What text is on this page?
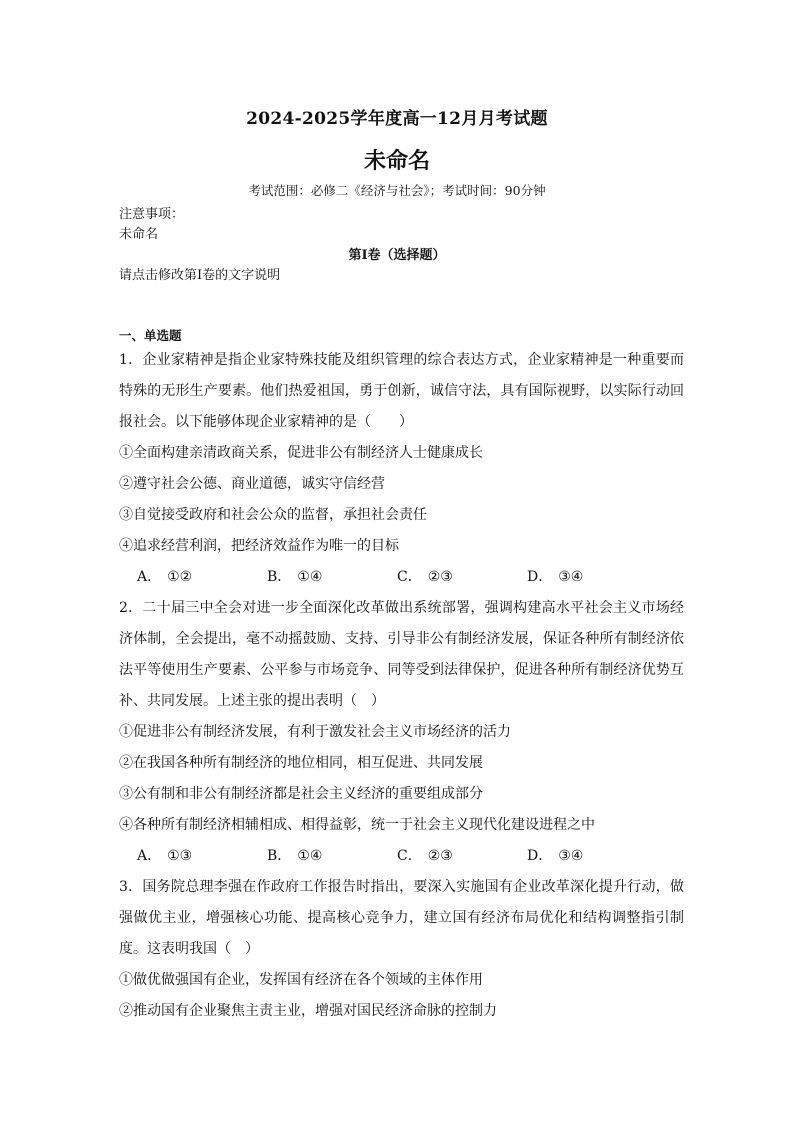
2024-2025学年度高一12月月考试题
未命名
考试范围：必修二《经济与社会》；考试时间：90分钟
注意事项：
未命名
第I卷（选择题）
请点击修改第I卷的文字说明
一、单选题

1．企业家精神是指企业家特殊技能及组织管理的综合表达方式，企业家精神是一种重要而特殊的无形生产要素。他们热爱祖国，勇于创新，诚信守法，具有国际视野，以实际行动回报社会。以下能够体现企业家精神的是（　　）

①全面构建亲清政商关系，促进非公有制经济人士健康成长

②遵守社会公德、商业道德，诚实守信经营

③自觉接受政府和社会公众的监督，承担社会责任

④追求经营利润，把经济效益作为唯一的目标

A． ①②	B． ①④	C． ②③	D． ③④

2．二十届三中全会对进一步全面深化改革做出系统部署，强调构建高水平社会主义市场经济体制，全会提出，毫不动摇鼓励、支持、引导非公有制经济发展，保证各种所有制经济依法平等使用生产要素、公平参与市场竞争、同等受到法律保护，促进各种所有制经济优势互补、共同发展。上述主张的提出表明（　）

①促进非公有制经济发展，有利于激发社会主义市场经济的活力

②在我国各种所有制经济的地位相同，相互促进、共同发展

③公有制和非公有制经济都是社会主义经济的重要组成部分

④各种所有制经济相辅相成、相得益彰，统一于社会主义现代化建设进程之中

A． ①③	B． ①④	C． ②③	D． ③④

3．国务院总理李强在作政府工作报告时指出，要深入实施国有企业改革深化提升行动，做强做优主业，增强核心功能、提高核心竞争力，建立国有经济布局优化和结构调整指引制度。这表明我国（　）

①做优做强国有企业，发挥国有经济在各个领域的主体作用

②推动国有企业聚焦主责主业，增强对国民经济命脉的控制力
